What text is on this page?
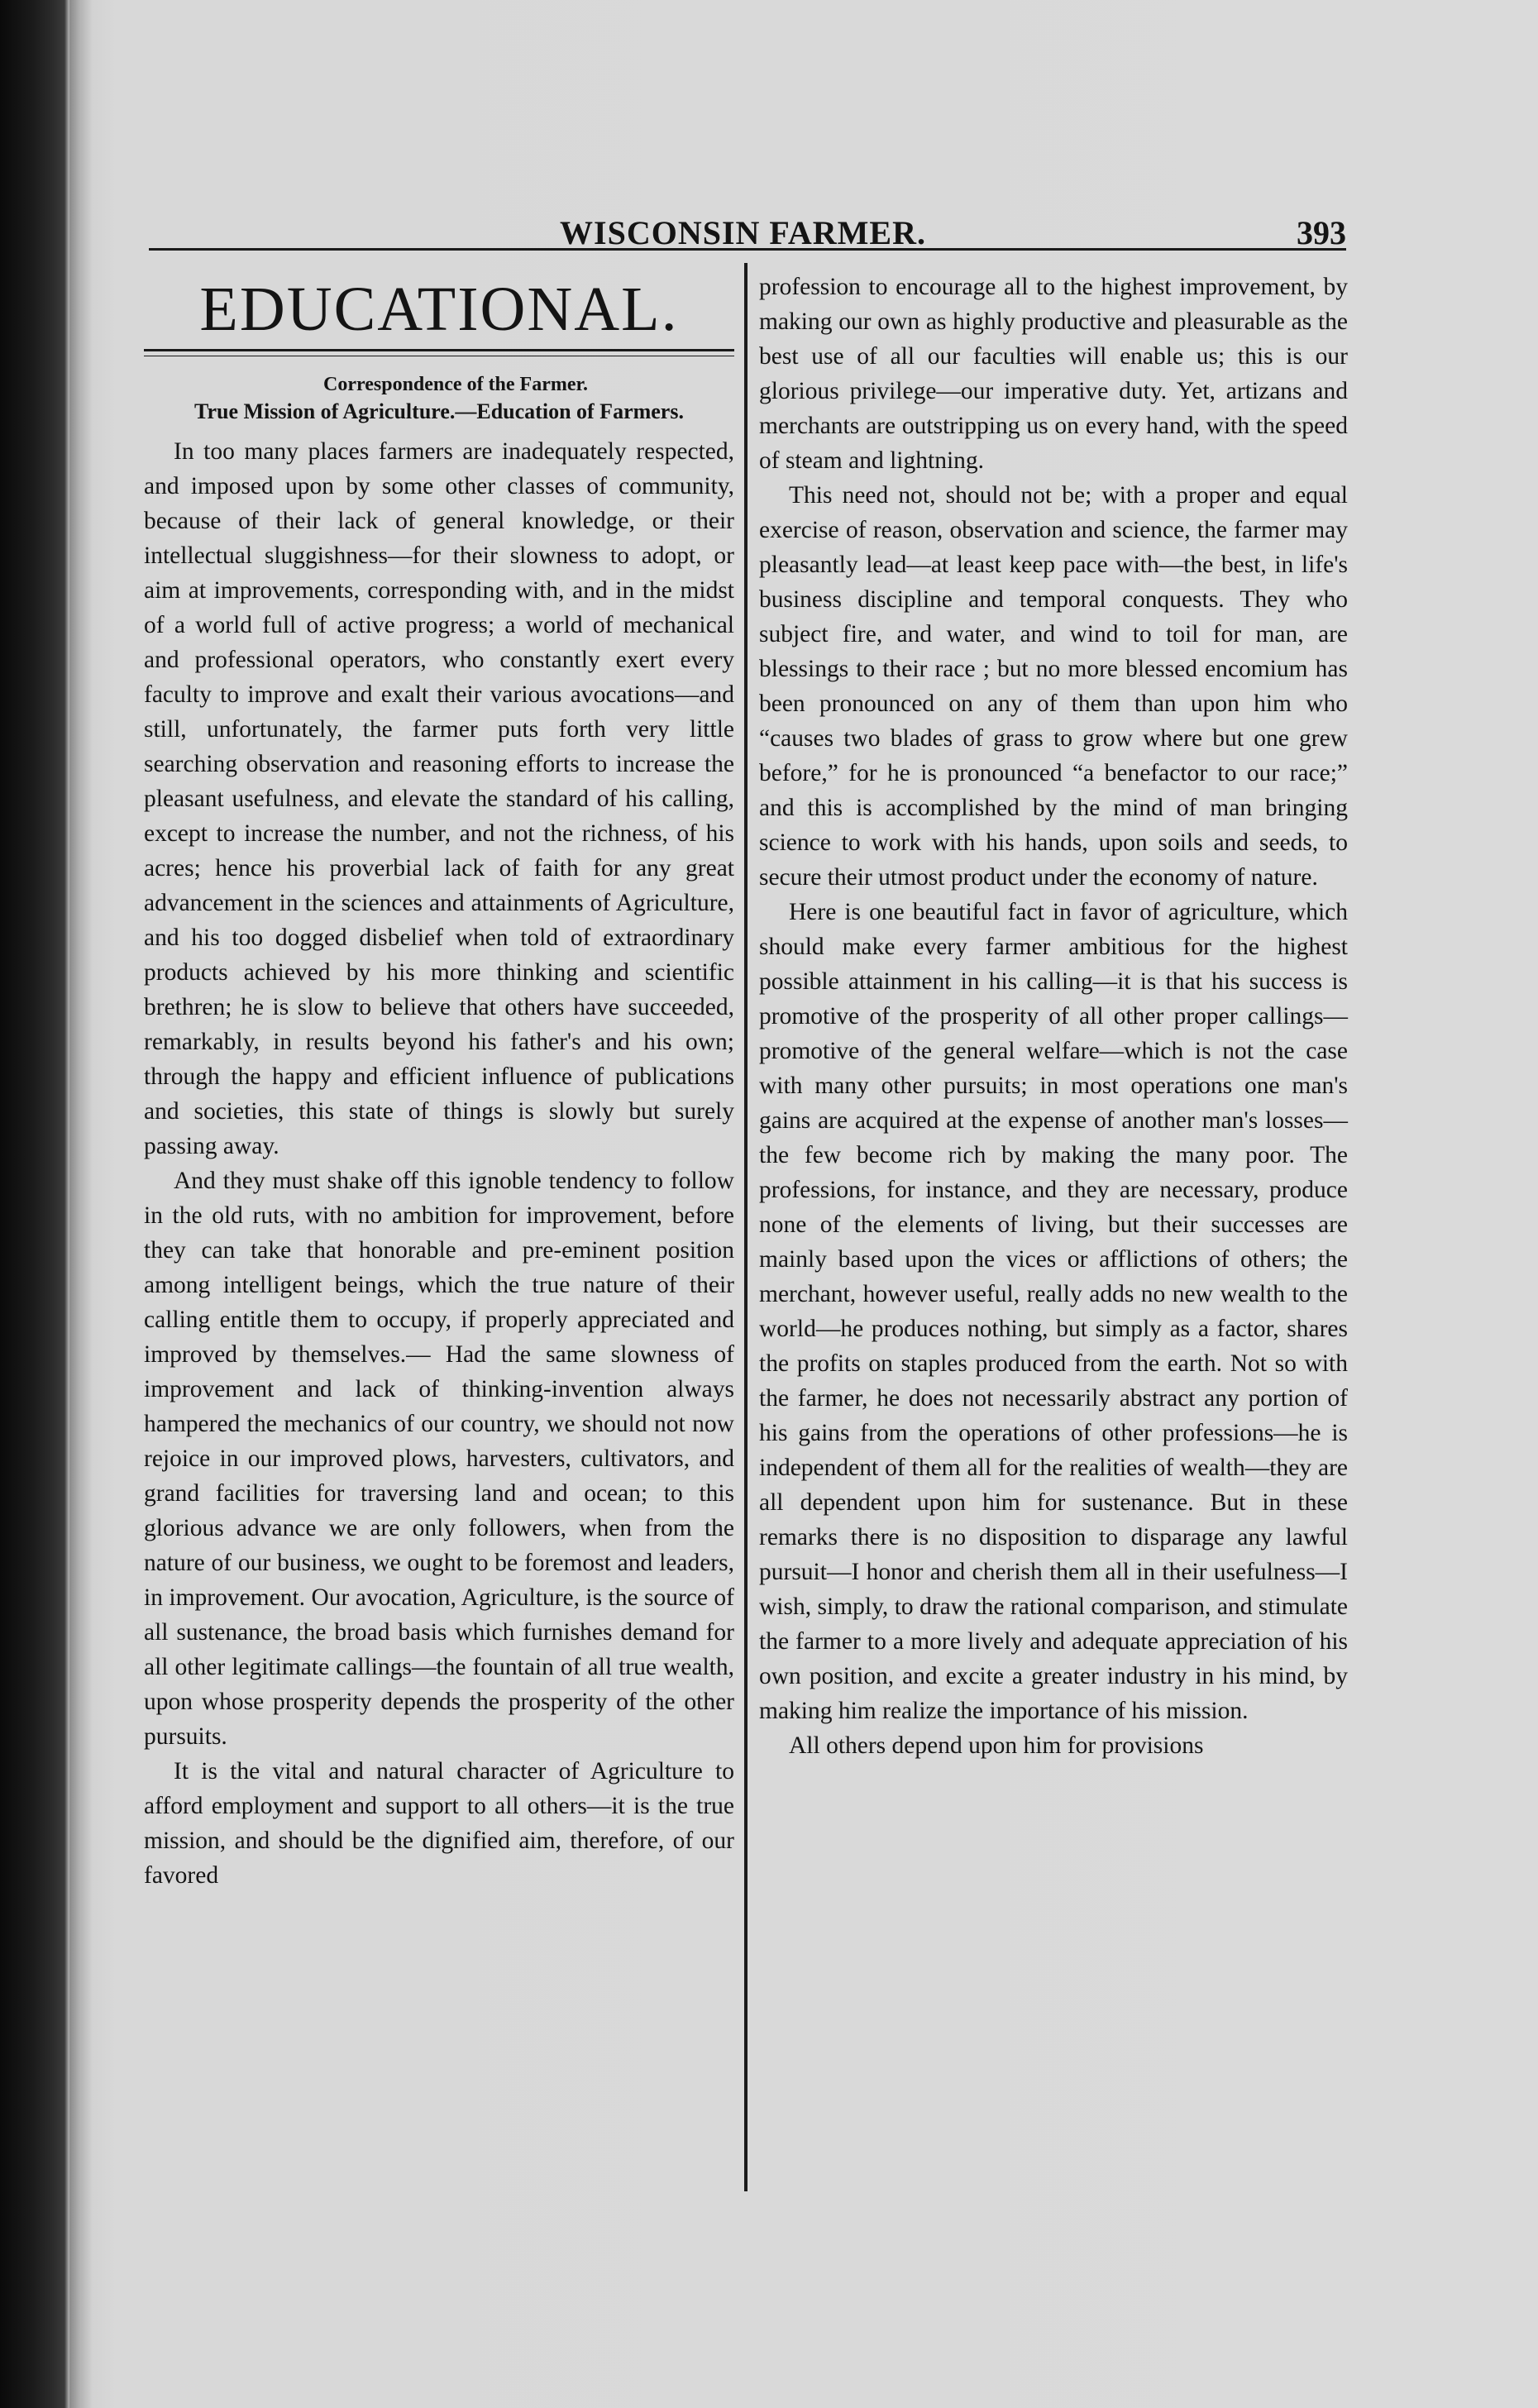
WISCONSIN FARMER.	393
EDUCATIONAL.
Correspondence of the Farmer.
True Mission of Agriculture.—Education of Farmers.

In too many places farmers are inadequately respected, and imposed upon by some other classes of community, because of their lack of general knowledge, or their intellectual sluggishness—for their slowness to adopt, or aim at improvements, corresponding with, and in the midst of a world full of active progress; a world of mechanical and professional operators, who constantly exert every faculty to improve and exalt their various avocations—and still, unfortunately, the farmer puts forth very little searching observation and reasoning efforts to increase the pleasant usefulness, and elevate the standard of his calling, except to increase the number, and not the richness, of his acres; hence his proverbial lack of faith for any great advancement in the sciences and attainments of Agriculture, and his too dogged disbelief when told of extraordinary products achieved by his more thinking and scientific brethren; he is slow to believe that others have succeeded, remarkably, in results beyond his father's and his own; through the happy and efficient influence of publications and societies, this state of things is slowly but surely passing away.

And they must shake off this ignoble tendency to follow in the old ruts, with no ambition for improvement, before they can take that honorable and pre-eminent position among intelligent beings, which the true nature of their calling entitle them to occupy, if properly appreciated and improved by themselves.— Had the same slowness of improvement and lack of thinking-invention always hampered the mechanics of our country, we should not now rejoice in our improved plows, harvesters, cultivators, and grand facilities for traversing land and ocean; to this glorious advance we are only followers, when from the nature of our business, we ought to be foremost and leaders, in improvement. Our avocation, Agriculture, is the source of all sustenance, the broad basis which furnishes demand for all other legitimate callings—the fountain of all true wealth, upon whose prosperity depends the prosperity of the other pursuits.

It is the vital and natural character of Agriculture to afford employment and support to all others—it is the true mission, and should be the dignified aim, therefore, of our favored

profession to encourage all to the highest improvement, by making our own as highly productive and pleasurable as the best use of all our faculties will enable us; this is our glorious privilege—our imperative duty. Yet, artizans and merchants are outstripping us on every hand, with the speed of steam and lightning.

This need not, should not be; with a proper and equal exercise of reason, observation and science, the farmer may pleasantly lead—at least keep pace with—the best, in life's business discipline and temporal conquests. They who subject fire, and water, and wind to toil for man, are blessings to their race ; but no more blessed encomium has been pronounced on any of them than upon him who “causes two blades of grass to grow where but one grew before,” for he is pronounced “a benefactor to our race;” and this is accomplished by the mind of man bringing science to work with his hands, upon soils and seeds, to secure their utmost product under the economy of nature.

Here is one beautiful fact in favor of agriculture, which should make every farmer ambitious for the highest possible attainment in his calling—it is that his success is promotive of the prosperity of all other proper callings— promotive of the general welfare—which is not the case with many other pursuits; in most operations one man's gains are acquired at the expense of another man's losses—the few become rich by making the many poor. The professions, for instance, and they are necessary, produce none of the elements of living, but their successes are mainly based upon the vices or afflictions of others; the merchant, however useful, really adds no new wealth to the world—he produces nothing, but simply as a factor, shares the profits on staples produced from the earth. Not so with the farmer, he does not necessarily abstract any portion of his gains from the operations of other professions—he is independent of them all for the realities of wealth—they are all dependent upon him for sustenance. But in these remarks there is no disposition to disparage any lawful pursuit—I honor and cherish them all in their usefulness—I wish, simply, to draw the rational comparison, and stimulate the farmer to a more lively and adequate appreciation of his own position, and excite a greater industry in his mind, by making him realize the importance of his mission.

All others depend upon him for provisions
